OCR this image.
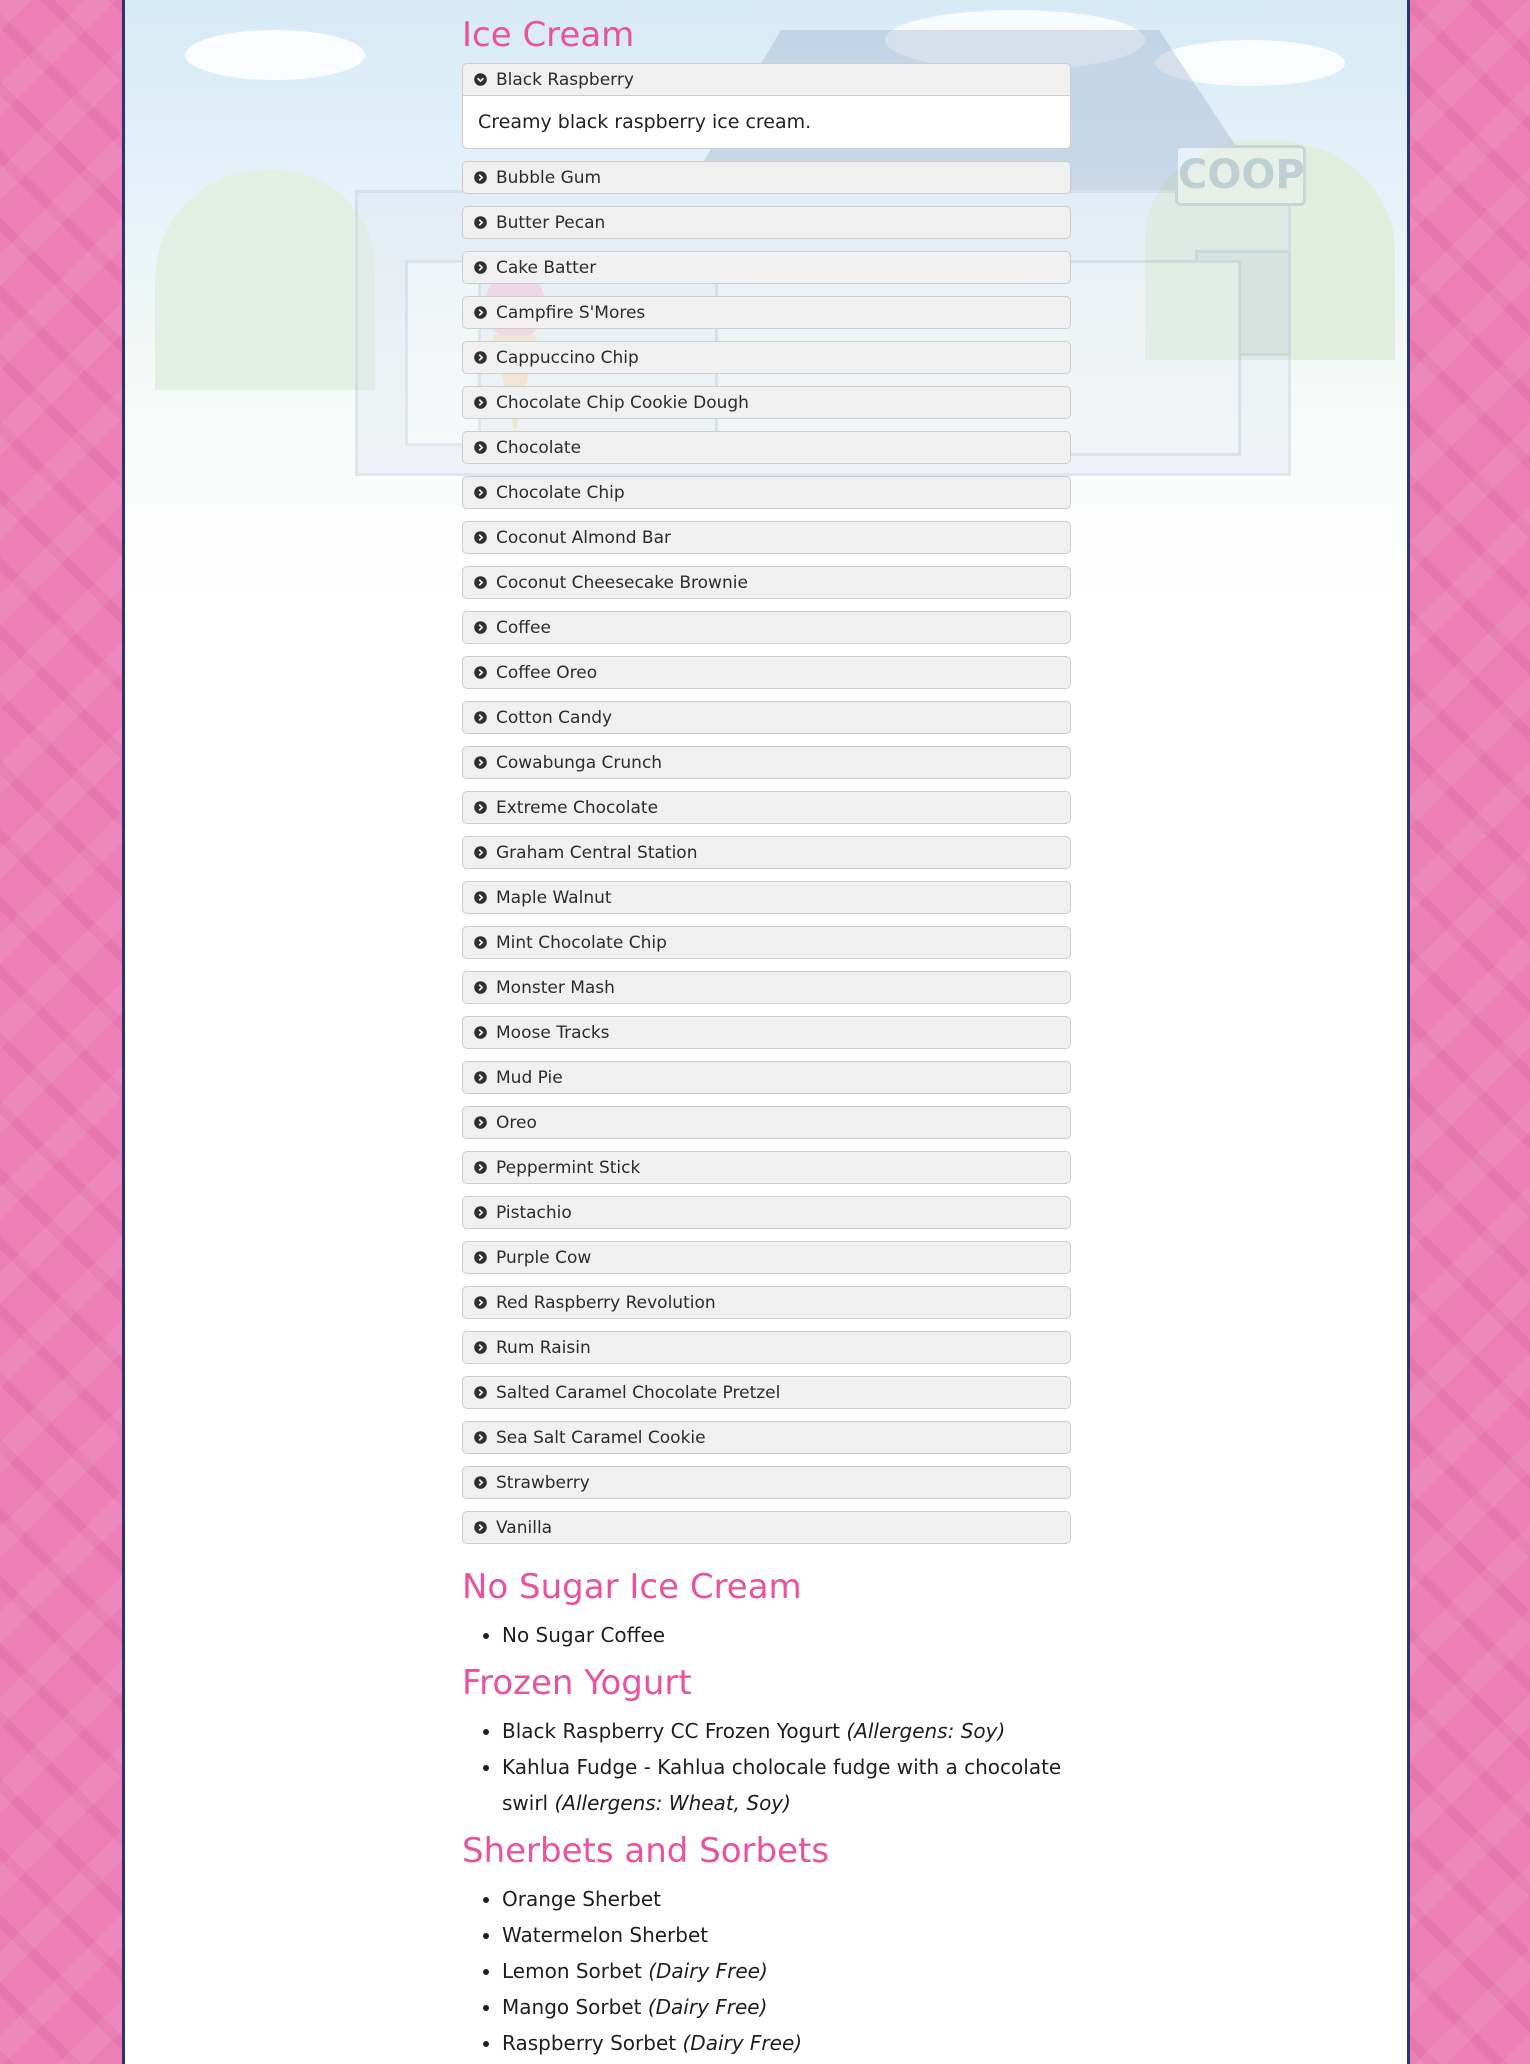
COOP
Ice Cream
Black Raspberry
Creamy black raspberry ice cream.
Bubble Gum
Butter Pecan
Cake Batter
Campfire S'Mores
Cappuccino Chip
Chocolate Chip Cookie Dough
Chocolate
Chocolate Chip
Coconut Almond Bar
Coconut Cheesecake Brownie
Coffee
Coffee Oreo
Cotton Candy
Cowabunga Crunch
Extreme Chocolate
Graham Central Station
Maple Walnut
Mint Chocolate Chip
Monster Mash
Moose Tracks
Mud Pie
Oreo
Peppermint Stick
Pistachio
Purple Cow
Red Raspberry Revolution
Rum Raisin
Salted Caramel Chocolate Pretzel
Sea Salt Caramel Cookie
Strawberry
Vanilla
No Sugar Ice Cream
• No Sugar Coffee
Frozen Yogurt
• Black Raspberry CC Frozen Yogurt (Allergens: Soy)
• Kahlua Fudge - Kahlua cholocale fudge with a chocolate swirl (Allergens: Wheat, Soy)
Sherbets and Sorbets
• Orange Sherbet
• Watermelon Sherbet
• Lemon Sorbet (Dairy Free)
• Mango Sorbet (Dairy Free)
• Raspberry Sorbet (Dairy Free)
